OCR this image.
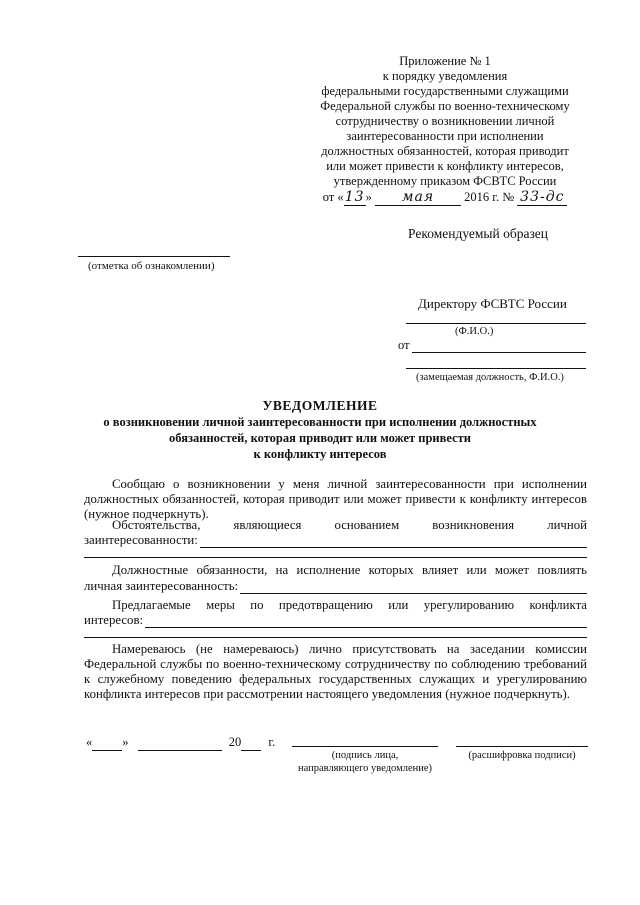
Приложение № 1
к порядку уведомления
федеральными государственными служащими
Федеральной службы по военно-техническому
сотрудничеству о возникновении личной
заинтересованности при исполнении
должностных обязанностей, которая приводит
или может привести к конфликту интересов,
утвержденному приказом ФСВТС России
от «13» мая 2016 г. № 33-дс
Рекомендуемый образец
(отметка об ознакомлении)
Директору ФСВТС России
(Ф.И.О.)
от
(замещаемая должность, Ф.И.О.)
УВЕДОМЛЕНИЕ
о возникновении личной заинтересованности при исполнении должностных
обязанностей, которая приводит или может привести
к конфликту интересов
Сообщаю о возникновении у меня личной заинтересованности при исполнении должностных обязанностей, которая приводит или может привести к конфликту интересов (нужное подчеркнуть).
Обстоятельства,	являющиеся	основанием	возникновения	личной
заинтересованности:
Должностные обязанности, на исполнение которых влияет или может повлиять
личная заинтересованность:
Предлагаемые меры по предотвращению или урегулированию конфликта
интересов:
Намереваюсь (не намереваюсь) лично присутствовать на заседании комиссии Федеральной службы по военно-техническому сотрудничеству по соблюдению требований к служебному поведению федеральных государственных служащих и урегулированию конфликта интересов при рассмотрении настоящего уведомления (нужное подчеркнуть).
« »	20 г.
(подпись лица,
направляющего уведомление)
(расшифровка подписи)
